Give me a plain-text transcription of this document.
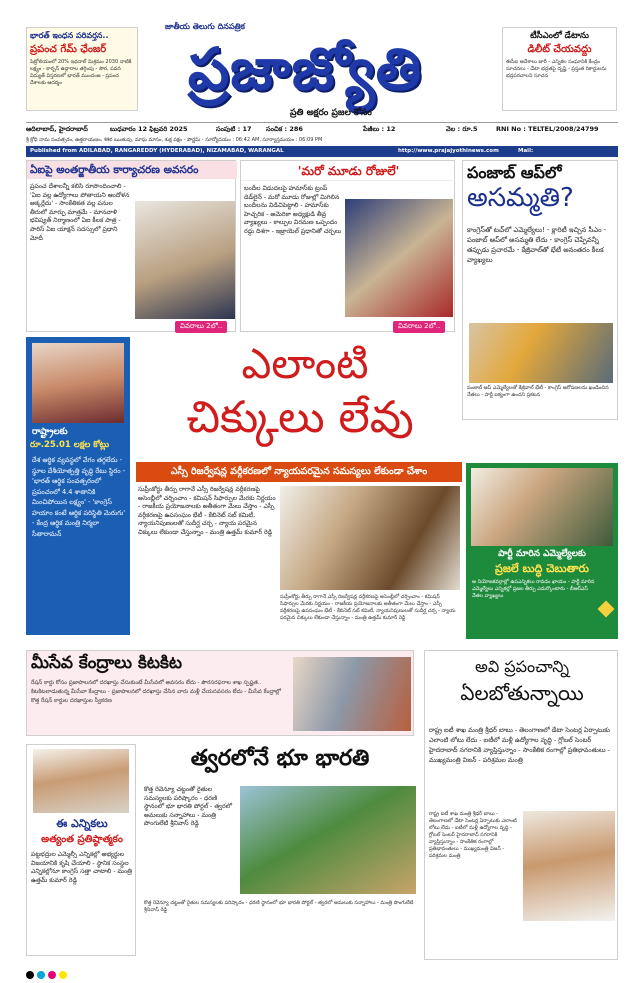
భారత్ ఇంధన పరివర్తన..
ప్రపంచ గేమ్ ఛేంజర్
పెట్రోలియంలో 20% ఇథనాల్ మిశ్రమం 2030 నాటికి లక్ష్యం - కార్బన్ ఉద్గారాల తగ్గింపు - సౌర, పవన విద్యుత్ విస్తరణలో భారత్ ముందంజ - ప్రపంచ దేశాలకు ఆదర్శం
జాతీయ తెలుగు దినపత్రిక
ప్రజాజ్యోతి
ప్రతి అక్షరం ప్రజల కోసం
టీసీఎంలో డేటాను
డిలీట్ చేయవద్దు
ఈసీఐ ఆదేశాలు జారీ - ఎన్నికల సంఘానికి కేంద్రం సూచనలు - డేటా భద్రతపై దృష్టి - ప్రస్తుత రికార్డులను భద్రపరచాలని సూచన
ఆదిలాబాద్, హైదరాబాద్	బుధవారం 12 ఫిబ్రవరి 2025	సంపుటి : 17 సంచిక : 286	పేజీలు : 12	వెల : రూ.5	RNI No : TELTEL/2008/24799
శ్రీ క్రోధి నామ సంవత్సరం, ఉత్తరాయణం, శిశిర ఋతువు, మాఘ మాసం, శుక్ల పక్షం - పౌర్ణమి - సూర్యోదయం : 06:42 AM, సూర్యాస్తమయం : 06:09 PM
Published from ADILABAD, RANGAREDDY (HYDERABAD), NIZAMABAD, WARANGAL	http://www.prajajyothinews.com	Mail:
ఏఐపై అంతర్జాతీయ కార్యాచరణ అవసరం
ప్రపంచ దేశాలన్నీ కలిసి రూపొందించాలి - 'ఏఐ వల్ల ఉద్యోగాలు పోతాయని ఆందోళన అక్కర్లేదు' - సాంకేతికత వల్ల పనుల తీరులో మార్పు మాత్రమే - మానవాళి భవిష్యత్ నిర్మాణంలో ఏఐ కీలక పాత్ర - పారిస్ ఏఐ యాక్షన్ సదస్సులో ప్రధాని మోదీ
వివరాలు 2లో..
'మరో మూడు రోజులే'
బందీల విడుదలపై హమాస్‌కు ట్రంప్ డెడ్‌లైన్ - మరో మూడు రోజుల్లో మిగిలిన బందీలను విడిచిపెట్టాలి - హమాస్‌కు హెచ్చరిక - అమెరికా అధ్యక్షుడి తీవ్ర వ్యాఖ్యలు - కాల్పుల విరమణ ఒప్పందం రద్దు దిశగా - ఇజ్రాయెల్ ప్రధానితో చర్చలు
వివరాలు 2లో..
పంజాబ్ ఆప్‌లో
అసమ్మతి?
కాంగ్రెస్‌తో టచ్‌లో ఎమ్మెల్యేలు! - క్లారిటీ ఇచ్చిన సీఎం - పంజాబ్ ఆప్‌లో అసమ్మతి లేదు - కాంగ్రెస్ చెప్పేవన్నీ తప్పుడు ప్రచారమే - కేజ్రీవాల్‌తో భేటీ అనంతరం కీలక వ్యాఖ్యలు
పంజాబ్ ఆప్ ఎమ్మెల్యేలతో కేజ్రీవాల్ భేటీ - కాంగ్రెస్ ఆరోపణలను ఖండించిన నేతలు - పార్టీ ఐక్యంగా ఉందని ప్రకటన
రాష్ట్రాలకు
రూ.25.01 లక్షల కోట్లు
దేశ ఆర్థిక వ్యవస్థలో వేగం తగ్గలేదు - స్థూల దేశీయోత్పత్తి వృద్ధి రేటు స్థిరం - 'భారత్ ఆర్థిక సంవత్సరంలో ప్రపంచంలో 4.4 శాతానికి మించిపోయిన లక్ష్యం' - 'కాంగ్రెస్ హయాం కంటే ఆర్థిక పరిస్థితి మెరుగు' - కేంద్ర ఆర్థిక మంత్రి నిర్మలా సీతారామన్
ఎలాంటి
చిక్కులు లేవు
ఎస్సీ రిజర్వేషన్ల వర్గీకరణలో న్యాయపరమైన సమస్యలు లేకుండా చేశాం
సుప్రీంకోర్టు తీర్పు రాగానే ఎస్సీ రిజర్వేషన్ల వర్గీకరణపై అసెంబ్లీలో చర్చించాం - కమిషన్ సిఫార్సుల మేరకు నిర్ణయం - రాజకీయ ప్రయోజనాలకు అతీతంగా మేలు చేస్తాం - ఎస్సీ వర్గీకరణపై ఉపసంఘం భేటీ - కేబినెట్ సబ్ కమిటీ, న్యాయనిపుణులతో సుదీర్ఘ చర్చ - న్యాయ పరమైన చిక్కులు లేకుండా చేస్తున్నాం - మంత్రి ఉత్తమ్ కుమార్ రెడ్డి
సుప్రీంకోర్టు తీర్పు రాగానే ఎస్సీ రిజర్వేషన్ల వర్గీకరణపై అసెంబ్లీలో చర్చించాం - కమిషన్ సిఫార్సుల మేరకు నిర్ణయం - రాజకీయ ప్రయోజనాలకు అతీతంగా మేలు చేస్తాం - ఎస్సీ వర్గీకరణపై ఉపసంఘం భేటీ - కేబినెట్ సబ్ కమిటీ, న్యాయనిపుణులతో సుదీర్ఘ చర్చ - న్యాయ పరమైన చిక్కులు లేకుండా చేస్తున్నాం - మంత్రి ఉత్తమ్ కుమార్ రెడ్డి
పార్టీ మారిన ఎమ్మెల్యేలకు
ప్రజలే బుద్ధి చెబుతారు
ఆ నియోజకవర్గాల్లో ఉపఎన్నికలు రావడం ఖాయం - పార్టీ మారిన ఎమ్మెల్యేలు ఎన్నికల్లో ప్రజల తీర్పు ఎదుర్కొంటారు - బీఆర్ఎస్ నేతల వ్యాఖ్యలు
మీసేవ కేంద్రాలు కిటకిట
రేషన్ కార్డు కోసం ప్రజాపాలనలో దరఖాస్తు చేసుకుంటే మీసేవలో అవసరం లేదు - పౌరసరఫరాల శాఖ స్పష్టత.. కిటకిటలాడుతున్న మీసేవా కేంద్రాలు - ప్రజాపాలనలో దరఖాస్తు చేసిన వారు మళ్లీ చేయనవసరం లేదు - మీసేవ కేంద్రాల్లో కొత్త రేషన్ కార్డుల దరఖాస్తుల స్వీకరణ
అవి ప్రపంచాన్ని
ఏలబోతున్నాయి
రాష్ట్ర ఐటీ శాఖ మంత్రి శ్రీధర్ బాబు - తెలంగాణలో డేటా సెంటర్ల ఏర్పాటుకు ఎలాంటి లోటు లేదు - ఐటీలో మళ్లీ ఉద్యోగాల వృద్ధి - గ్లోబల్ సెంటర్ హైదరాబాద్ నగరానికి వ్యాప్తిస్తున్నాం - సాంకేతిక రంగాల్లో ప్రతిభావంతులు - ముఖ్యమంత్రి విజన్ - పరిశ్రమల మంత్రి
రాష్ట్ర ఐటీ శాఖ మంత్రి శ్రీధర్ బాబు - తెలంగాణలో డేటా సెంటర్ల ఏర్పాటుకు ఎలాంటి లోటు లేదు - ఐటీలో మళ్లీ ఉద్యోగాల వృద్ధి - గ్లోబల్ సెంటర్ హైదరాబాద్ నగరానికి వ్యాప్తిస్తున్నాం - సాంకేతిక రంగాల్లో ప్రతిభావంతులు - ముఖ్యమంత్రి విజన్ - పరిశ్రమల మంత్రి
ఈ ఎన్నికలు
అత్యంత ప్రతిష్ఠాత్మకం
పట్టభద్రుల ఎమ్మెల్సీ ఎన్నికల్లో అభ్యర్థుల విజయానికి కృషి చేయాలి - స్థానిక సంస్థల ఎన్నికల్లోనూ కాంగ్రెస్ సత్తా చాటాలి - మంత్రి ఉత్తమ్ కుమార్ రెడ్డి
త్వరలోనే భూ భారతి
కొత్త రెవెన్యూ చట్టంతో రైతుల సమస్యలకు పరిష్కారం - ధరణి స్థానంలో భూ భారతి పోర్టల్ - త్వరలో అమలుకు సన్నాహాలు - మంత్రి పొంగులేటి శ్రీనివాస్ రెడ్డి
కొత్త రెవెన్యూ చట్టంతో రైతుల సమస్యలకు పరిష్కారం - ధరణి స్థానంలో భూ భారతి పోర్టల్ - త్వరలో అమలుకు సన్నాహాలు - మంత్రి పొంగులేటి శ్రీనివాస్ రెడ్డి
